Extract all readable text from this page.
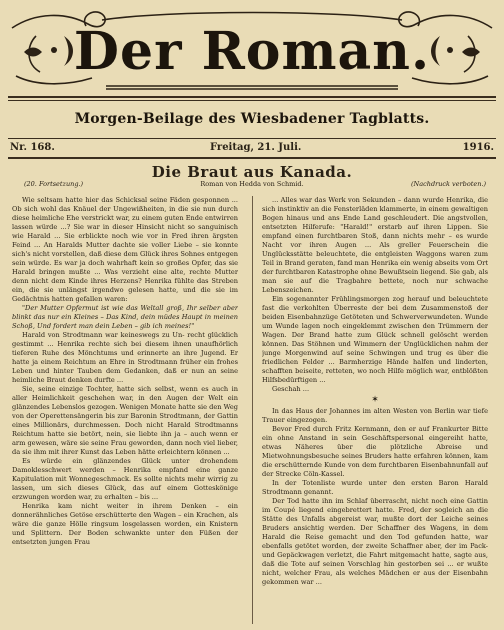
Der Roman.
Morgen-Beilage des Wiesbadener Tagblatts.
Nr. 168.	Freitag, 21. Juli.	1916.
Die Braut aus Kanada.
(20. Fortsetzung.)	Roman von Hedda von Schmid.	(Nachdruck verboten.)

Wie seltsam hatte hier das Schicksal seine Fäden gesponnen ... Ob sich wohl das Knäuel der Ungewißheiten, in die sie nun durch diese heimliche Ehe verstrickt war, zu einem guten Ende entwirren lassen würde ...? Sie war in dieser Hinsicht nicht so sanguinisch wie Harald ... Sie erblickte noch wie vor in Fred ihren ärgsten Feind ... An Haralds Mutter dachte sie voller Liebe – sie konnte sich's nicht vorstellen, daß diese dem Glück ihres Sohnes entgegen sein würde. Es war ja doch wahrhaft kein so großes Opfer, das sie Harald bringen mußte ... Was verzieht eine alte, rechte Mutter denn nicht dem Kinde ihres Herzens? Henrika fühlte das Streben ein, die sie unlängst irgendwo gelesen hatte, und die sie im Gedächtnis hatten gefallen waren:

"Der Mutter Opfermut ist wie das Weltall groß, Ihr selber aber blinkt das nur ein Kleines – Das Kind, dein müdes Haupt in meinen Schoß, Und fordert man dein Leben – gib ich meines!"

Harald von Strodtmann war keineswegs zu Un- recht glücklich gestimmt ... Henrika rechte sich bei diesem ihnen unaufhörlich tieferen Ruhe des Mönchtums und erinnerte an ihre Jugend. Er hatte ja einem Reichtum an Ehre in Strodtmann früher ein frohes Leben und hinter Tauben dem Gedanken, daß er nun an seine heimliche Braut denken durfte ...

Sie, seine einzige Tochter, hatte sich selbst, wenn es auch in aller Heimlichkeit geschehen war, in den Augen der Welt ein glänzendes Lebenslos gezogen. Wenigen Monate hatte sie den Weg von der Operettensängerin bis zur Baronin Strodtmann, der Gattin eines Millionärs, durchmessen. Doch nicht Harald Strodtmanns Reichtum hatte sie betört, nein, sie liebte ihn ja – auch wenn er arm gewesen, wäre sie seine Frau geworden, dann noch viel lieber, da sie ihm mit ihrer Kunst das Leben hätte erleichtern können ...

Es würde ein glänzendes Glück unter drohendem Damoklesschwert werden – Henrika empfand eine ganze Kapitulation mit Wonnegeschmack. Es sollte nichts mehr wirrig zu lassen, um sich dieses Glück, das auf einem Gotteskönige erzwungen worden war, zu erhalten – bis ...

Henrika kam nicht weiter in ihrem Denken – ein donnerähnliches Getöse erschütterte den Wagen – ein Krachen, als wäre die ganze Hölle ringsum losgelassen worden, ein Knistern und Splittern. Der Boden schwankte unter den Füßen der entsetzten jungen Frau

... Alles war das Werk von Sekunden – dann wurde Henrika, die sich instinktiv an die Fensterläden klammerte, in einem gewaltigen Bogen hinaus und ans Ende Land geschleudert. Die angstvollen, entsetzten Hilferufe: "Harald!" erstarb auf ihren Lippen. Sie empfand einen furchtbaren Stoß, dann nichts mehr – es wurde Nacht vor ihren Augen ... Als greller Feuerschein die Unglücksstätte beleuchtete, die entgleisten Waggons waren zum Teil in Brand geraten, fand man Henrika ein wenig abseits vom Ort der furchtbaren Katastrophe ohne Bewußtsein liegend. Sie gab, als man sie auf die Tragbahre bettete, noch nur schwache Lebenszeichen.

Ein sogenannter Frühlingsmorgen zog herauf und beleuchtete fast die verkohlten Überreste der bei dem Zusammenstoß der beiden Eisenbahnzüge Getöteten und Schwerverwundeten. Wunde um Wunde lagen noch eingeklemmt zwischen den Trümmern der Wagen. Der Brand hatte zum Glück schnell gelöscht werden können. Das Stöhnen und Wimmern der Unglücklichen nahm der junge Morgenwind auf seine Schwingen und trug es über die friedlichen Felder ... Barmherzige Hände halfen und linderten, schafften beiseite, retteten, wo noch Hilfe möglich war, entblößten Hilfsbedürftigen ...

Geschah ...

✶

In das Haus der Johannes im alten Westen von Berlin war tiefe Trauer eingezogen.

Bevor Fred durch Fritz Kernmann, den er auf Frankurter Bitte ein ohne Anstand in sein Geschäftspersonal eingereiht hatte, etwas Näheres über die plötzliche Abreise und Mietwohnungsbesuche seines Bruders hatte erfahren können, kam die erschütternde Kunde von dem furchtbaren Eisenbahnunfall auf der Strecke Cöln-Kassel.

In der Totenliste wurde unter den ersten Baron Harald Strodtmann genannt.

Der Tod hatte ihn im Schlaf überrascht, nicht noch eine Gattin im Coupé liegend eingebrettert hatte. Fred, der sogleich an die Stätte des Unfalls abgereist war, mußte dort der Leiche seines Bruders ansichtig werden. Der Schaffner des Wagens, in dem Harald die Reise gemacht und den Tod gefunden hatte, war ebenfalls getötet worden, der zweite Schaffner aber, der im Pack- und Gepäckwagen verletzt, die Fahrt mitgemacht hatte, sagte aus, daß die Tote auf seinen Vorschlag hin gestorben sei ... er wußte nicht, welcher Frau, als welches Mädchen er aus der Eisenbahn gekommen war ...
